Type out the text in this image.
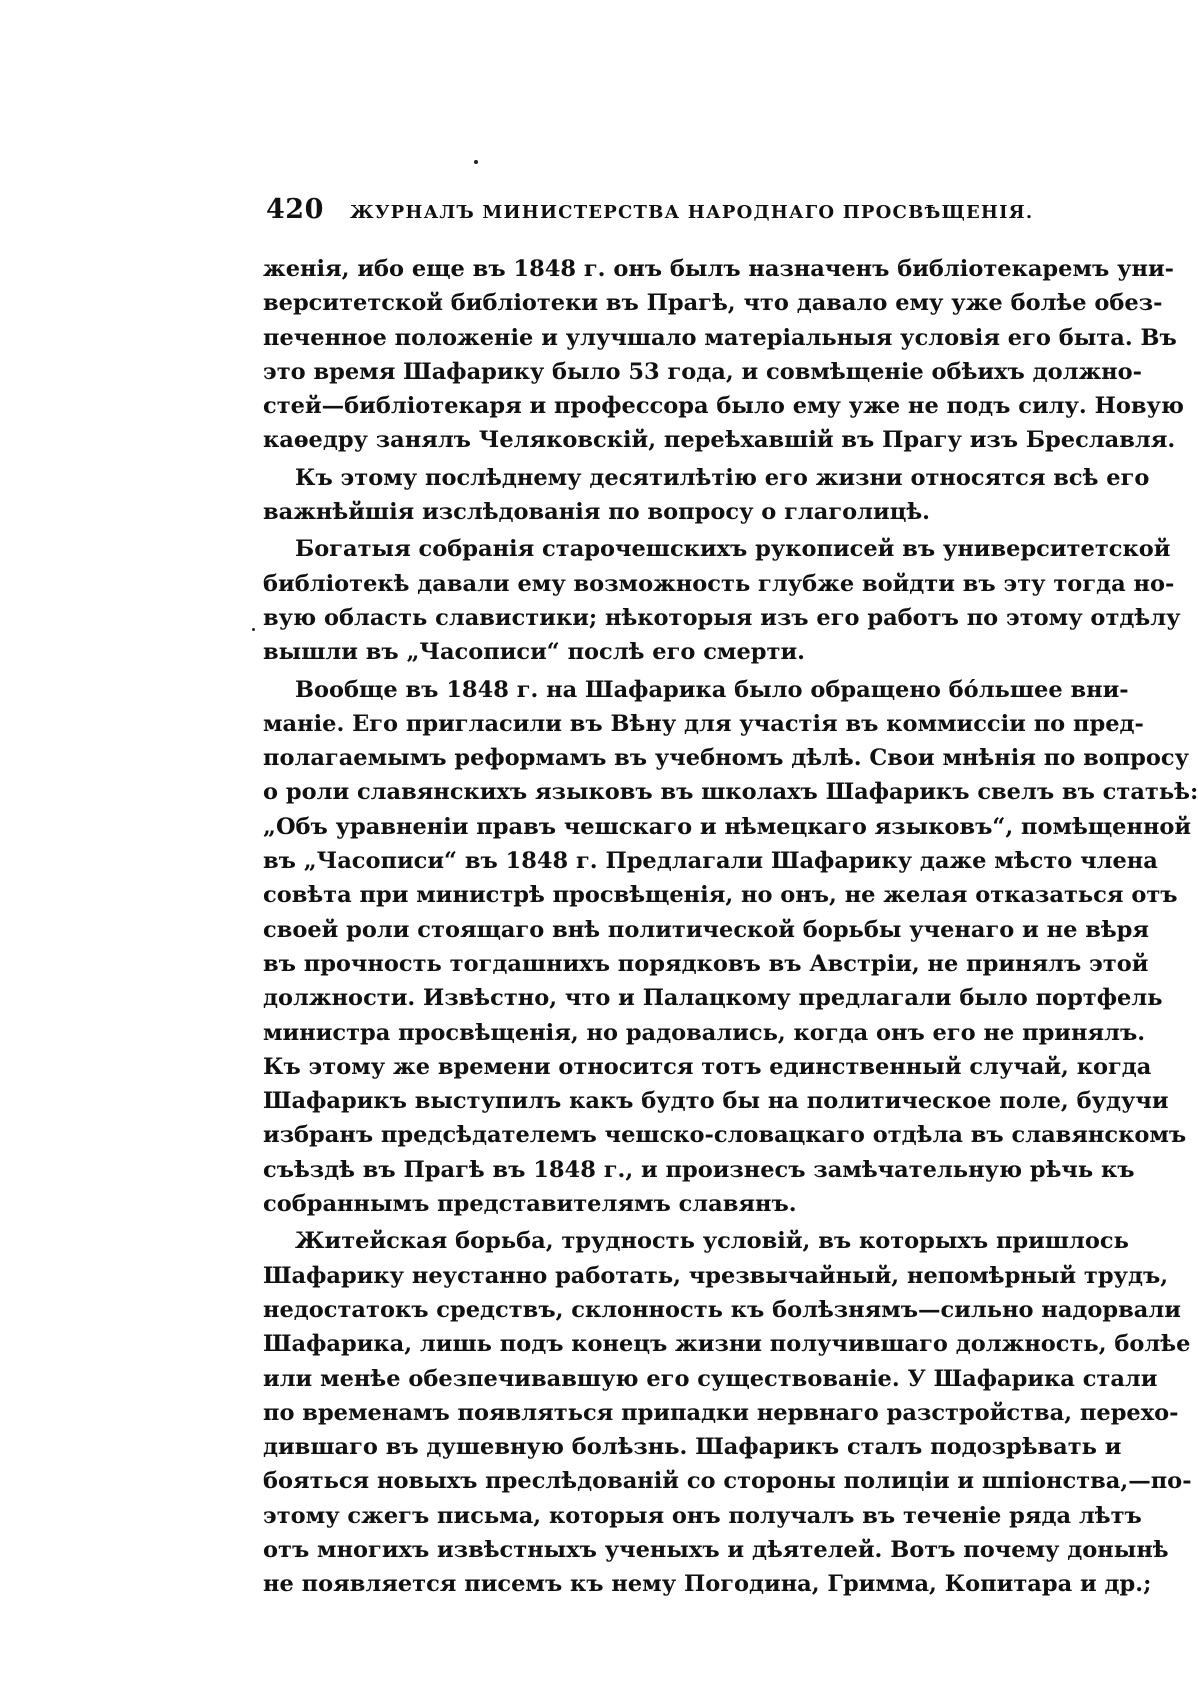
420 ЖУРНАЛЪ МИНИСТЕРСТВА НАРОДНАГО ПРОСВѢЩЕНІЯ.
женія, ибо еще въ 1848 г. онъ былъ назначенъ библіотекаремъ уни-
верситетской библіотеки въ Прагѣ, что давало ему уже болѣе обез-
печенное положеніе и улучшало матеріальныя условія его быта. Въ
это время Шафарику было 53 года, и совмѣщеніе обѣихъ должно-
стей—библіотекаря и профессора было ему уже не подъ силу. Новую
каѳедру занялъ Челяковскій, переѣхавшій въ Прагу изъ Бреславля.
Къ этому послѣднему десятилѣтію его жизни относятся всѣ его
важнѣйшія изслѣдованія по вопросу о глаголицѣ.
Богатыя собранія старочешскихъ рукописей въ университетской
библіотекѣ давали ему возможность глубже войдти въ эту тогда но-
вую область славистики; нѣкоторыя изъ его работъ по этому отдѣлу
вышли въ „Часописи“ послѣ его смерти.
Вообще въ 1848 г. на Шафарика было обращено бóльшее вни-
маніе. Его пригласили въ Вѣну для участія въ коммиссіи по пред-
полагаемымъ реформамъ въ учебномъ дѣлѣ. Свои мнѣнія по вопросу
о роли славянскихъ языковъ въ школахъ Шафарикъ свелъ въ статьѣ:
„Объ уравненіи правъ чешскаго и нѣмецкаго языковъ“, помѣщенной
въ „Часописи“ въ 1848 г. Предлагали Шафарику даже мѣсто члена
совѣта при министрѣ просвѣщенія, но онъ, не желая отказаться отъ
своей роли стоящаго внѣ политической борьбы ученаго и не вѣря
въ прочность тогдашнихъ порядковъ въ Австріи, не принялъ этой
должности. Извѣстно, что и Палацкому предлагали было портфель
министра просвѣщенія, но радовались, когда онъ его не принялъ.
Къ этому же времени относится тотъ единственный случай, когда
Шафарикъ выступилъ какъ будто бы на политическое поле, будучи
избранъ предсѣдателемъ чешско-словацкаго отдѣла въ славянскомъ
съѣздѣ въ Прагѣ въ 1848 г., и произнесъ замѣчательную рѣчь къ
собраннымъ представителямъ славянъ.
Житейская борьба, трудность условій, въ которыхъ пришлось
Шафарику неустанно работать, чрезвычайный, непомѣрный трудъ,
недостатокъ средствъ, склонность къ болѣзнямъ—сильно надорвали
Шафарика, лишь подъ конецъ жизни получившаго должность, болѣе
или менѣе обезпечивавшую его существованіе. У Шафарика стали
по временамъ появляться припадки нервнаго разстройства, перехо-
дившаго въ душевную болѣзнь. Шафарикъ сталъ подозрѣвать и
бояться новыхъ преслѣдованій со стороны полиціи и шпіонства,—по-
этому сжегъ письма, которыя онъ получалъ въ теченіе ряда лѣтъ
отъ многихъ извѣстныхъ ученыхъ и дѣятелей. Вотъ почему донынѣ
не появляется писемъ къ нему Погодина, Гримма, Копитара и др.;
